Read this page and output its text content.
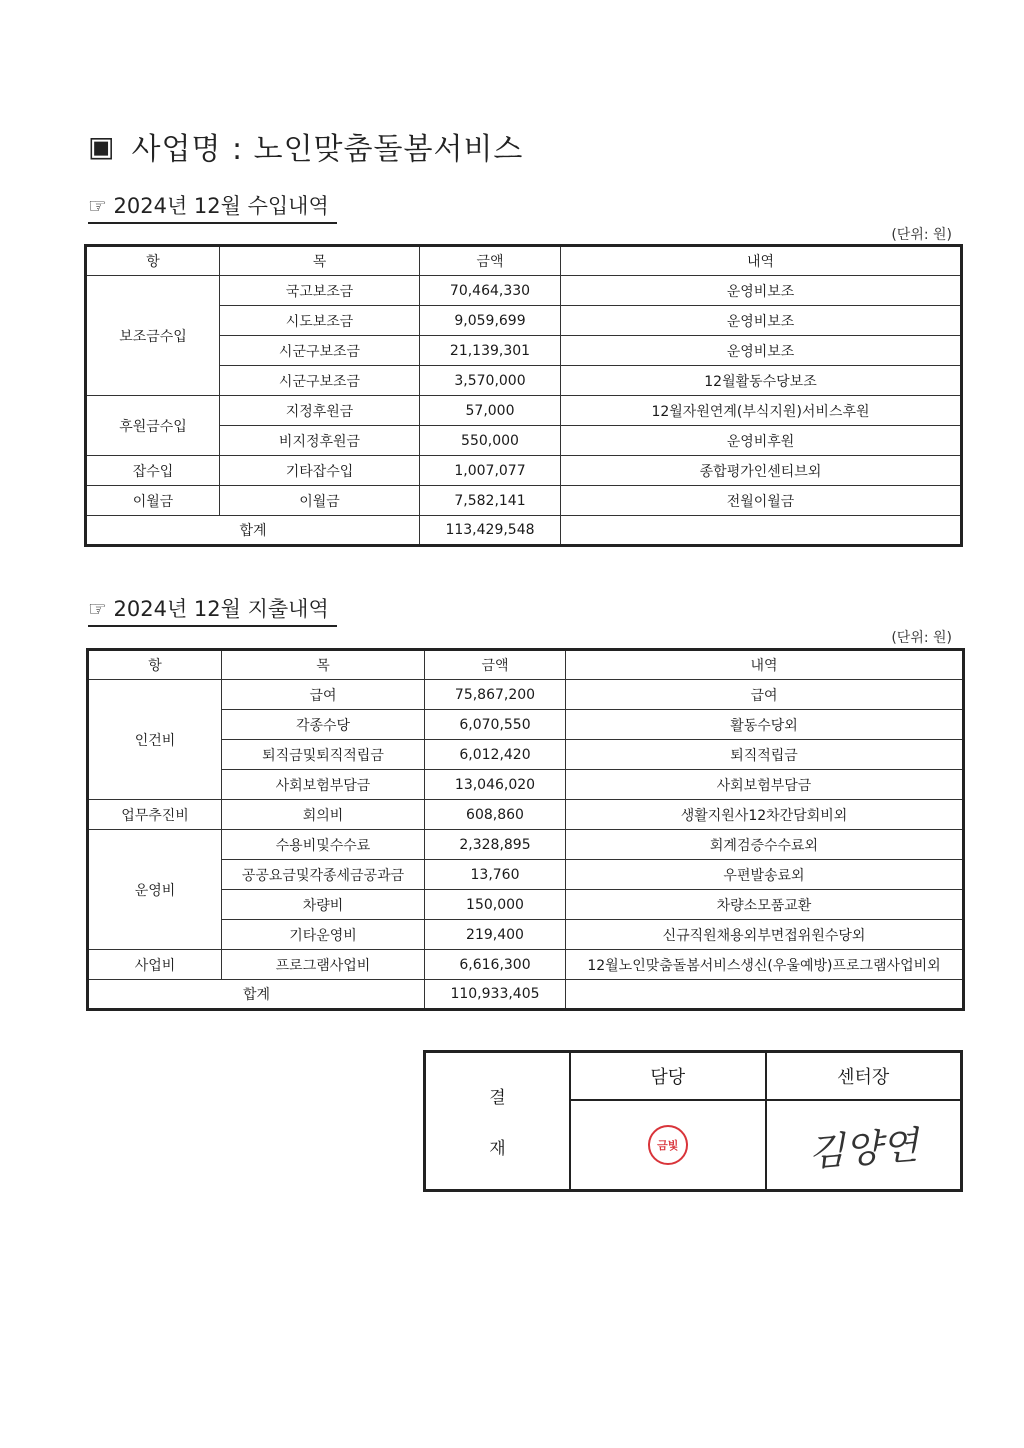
▣ 사업명 : 노인맞춤돌봄서비스
☞ 2024년 12월 수입내역
(단위: 원)
항	목	금액	내역
보조금수입	국고보조금	70,464,330	운영비보조
	시도보조금	9,059,699	운영비보조
	시군구보조금	21,139,301	운영비보조
	시군구보조금	3,570,000	12월활동수당보조
후원금수입	지정후원금	57,000	12월자원연계(부식지원)서비스후원
	비지정후원금	550,000	운영비후원
잡수입	기타잡수입	1,007,077	종합평가인센티브외
이월금	이월금	7,582,141	전월이월금
합계		113,429,548	
☞ 2024년 12월 지출내역
(단위: 원)
항	목	금액	내역
인건비	급여	75,867,200	급여
	각종수당	6,070,550	활동수당외
	퇴직금및퇴직적립금	6,012,420	퇴직적립금
	사회보험부담금	13,046,020	사회보험부담금
업무추진비	회의비	608,860	생활지원사12차간담회비외
운영비	수용비및수수료	2,328,895	회계검증수수료외
	공공요금및각종세금공과금	13,760	우편발송료외
	차량비	150,000	차량소모품교환
	기타운영비	219,400	신규직원채용외부면접위원수당외
사업비	프로그램사업비	6,616,300	12월노인맞춤돌봄서비스생신(우울예방)프로그램사업비외
합계		110,933,405	
결
재
담당
금빛
센터장
김양연
